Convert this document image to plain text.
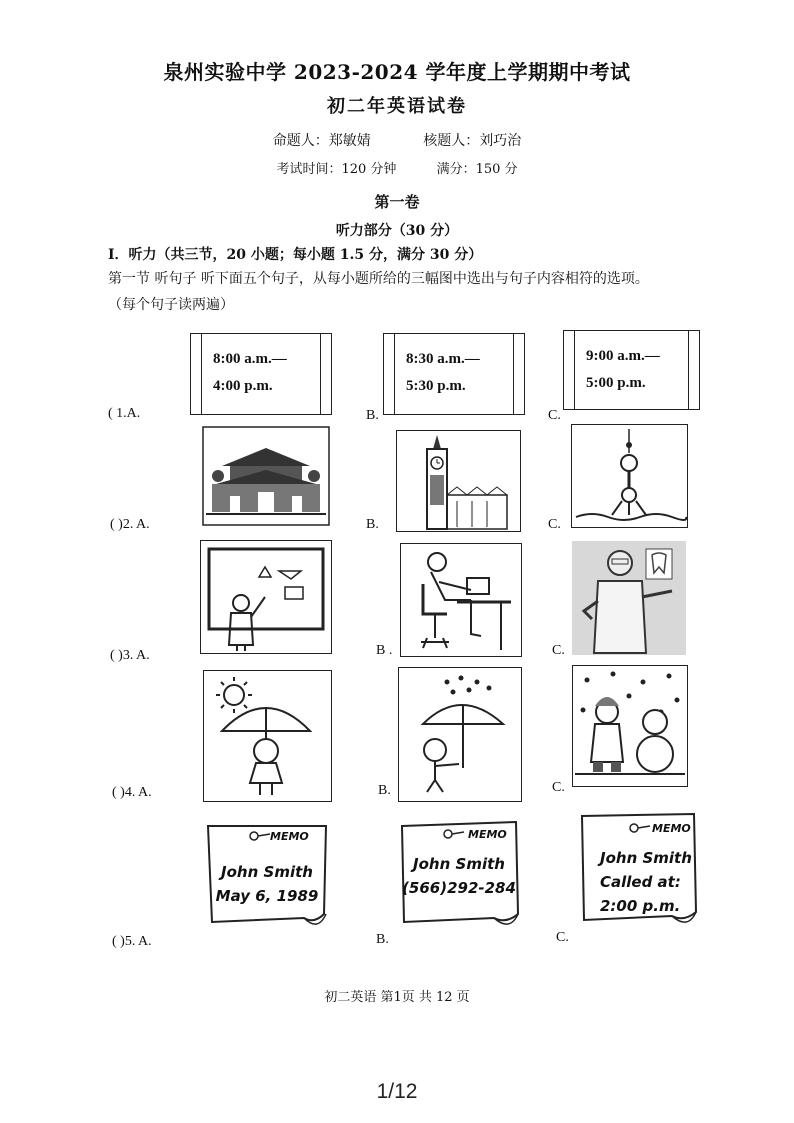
泉州实验中学 2023-2024 学年度上学期期中考试
初二年英语试卷
命题人：郑敏婧	核题人：刘巧治
考试时间：120 分钟	满分：150 分
第一卷
听力部分（30 分）
Ⅰ．听力（共三节，20 小题；每小题 1.5 分，满分 30 分）
第一节 听句子 听下面五个句子，从每小题所给的三幅图中选出与句子内容相符的选项。
（每个句子读两遍）
( 1.A.
8:00 a.m.—
4:00 p.m.
B.
8:30 a.m.—
5:30 p.m.
C.
9:00 a.m.—
5:00 p.m.
( )2. A.	B.	C.
( )3. A.	B .	C.
( )4. A.	B.	C.
( )5. A.
MEMO
John Smith
May 6, 1989
B.
MEMO
John Smith
(566)292-284
C.
MEMO
John Smith
Called at:
2:00 p.m.
初二英语 第1页 共 12 页
1/12
